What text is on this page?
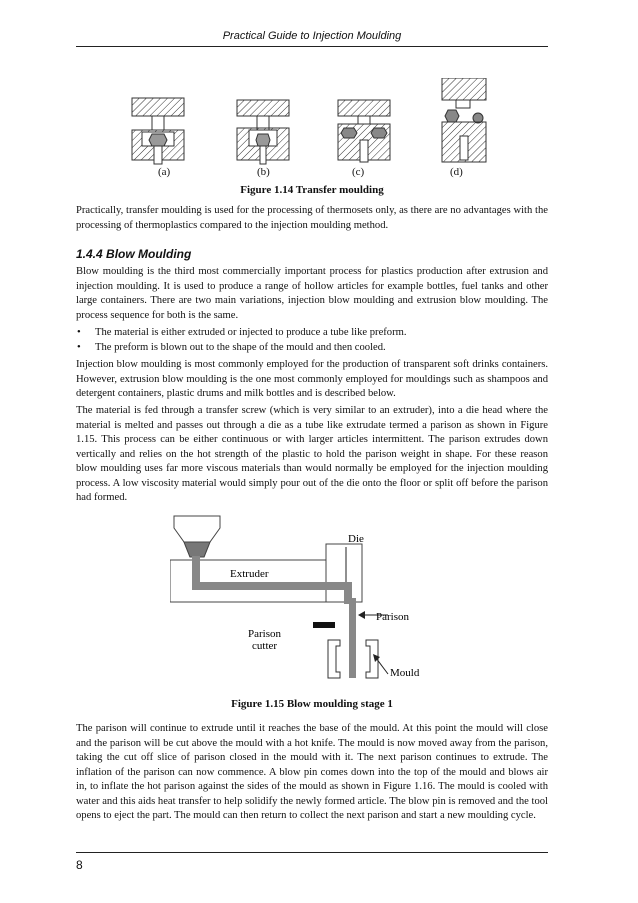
Practical Guide to Injection Moulding
(a)	(b)	(c)	(d)
Figure 1.14 Transfer moulding

Practically, transfer moulding is used for the processing of thermosets only, as there are no advantages with the processing of thermoplastics compared to the injection moulding method.

1.4.4 Blow Moulding

Blow moulding is the third most commercially important process for plastics production after extrusion and injection moulding. It is used to produce a range of hollow articles for example bottles, fuel tanks and other large containers. There are two main variations, injection blow moulding and extrusion blow moulding. The process sequence for both is the same.

• The material is either extruded or injected to produce a tube like preform.
• The preform is blown out to the shape of the mould and then cooled.

Injection blow moulding is most commonly employed for the production of transparent soft drinks containers. However, extrusion blow moulding is the one most commonly employed for mouldings such as shampoos and detergent containers, plastic drums and milk bottles and is described below.

The material is fed through a transfer screw (which is very similar to an extruder), into a die head where the material is melted and passes out through a die as a tube like extrudate termed a parison as shown in Figure 1.15. This process can be either continuous or with larger articles intermittent. The parison extrudes down vertically and relies on the hot strength of the plastic to hold the parison weight in shape. For these reason blow moulding uses far more viscous materials than would normally be employed for the injection moulding process. A low viscosity material would simply pour out of the die onto the floor or split off before the parison had formed.

Die
Extruder
Parison
Parison
cutter
Mould
Figure 1.15 Blow moulding stage 1

The parison will continue to extrude until it reaches the base of the mould. At this point the mould will close and the parison will be cut above the mould with a hot knife. The mould is now moved away from the parison, taking the cut off slice of parison closed in the mould with it. The next parison continues to extrude. The inflation of the parison can now commence. A blow pin comes down into the top of the mould and blows air in, to inflate the hot parison against the sides of the mould as shown in Figure 1.16. The mould is cooled with water and this aids heat transfer to help solidify the newly formed article. The blow pin is removed and the tool opens to eject the part. The mould can then return to collect the next parison and start a new moulding cycle.

8
